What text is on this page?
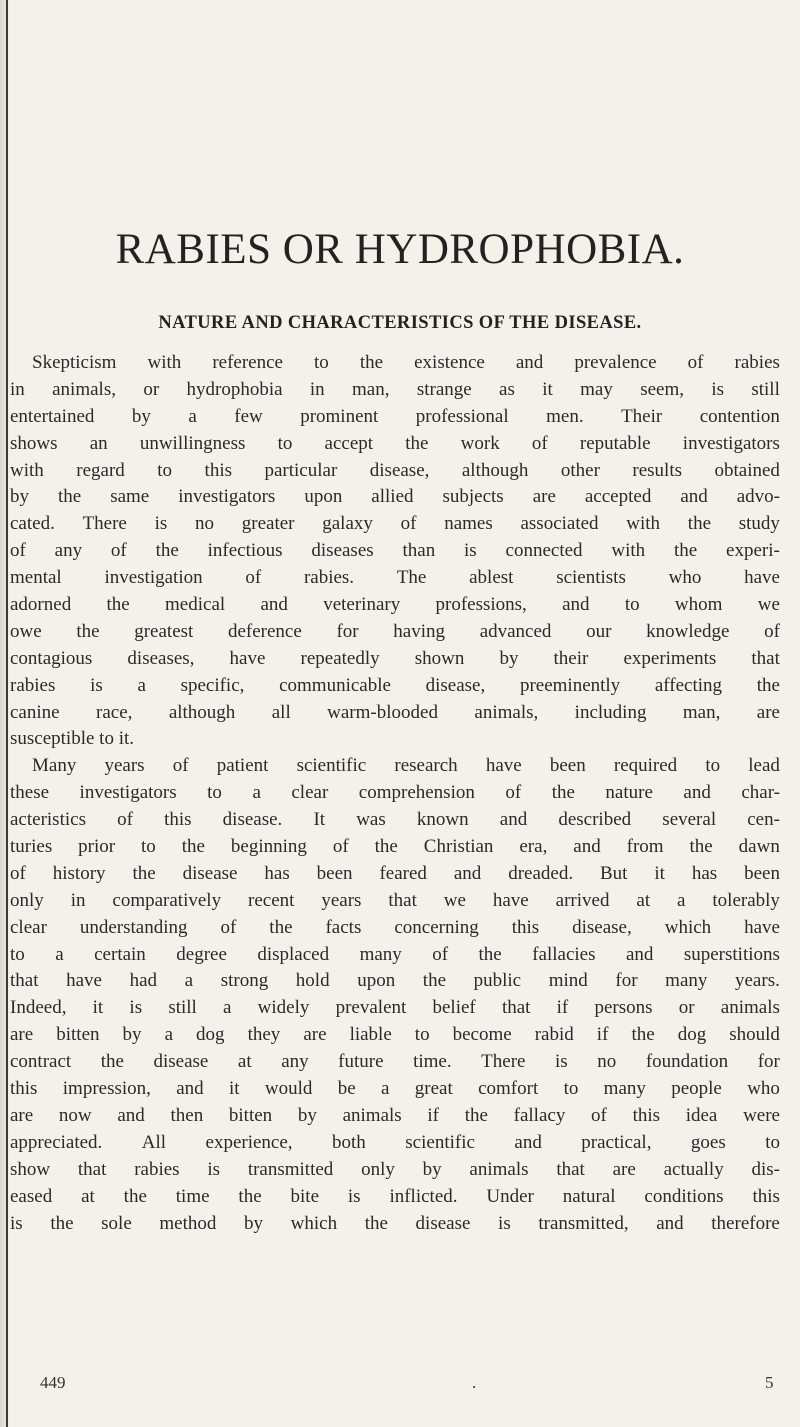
RABIES OR HYDROPHOBIA.
NATURE AND CHARACTERISTICS OF THE DISEASE.
Skepticism with reference to the existence and prevalence of rabies
in animals, or hydrophobia in man, strange as it may seem, is still
entertained by a few prominent professional men. Their contention
shows an unwillingness to accept the work of reputable investigators
with regard to this particular disease, although other results obtained
by the same investigators upon allied subjects are accepted and advo-
cated. There is no greater galaxy of names associated with the study
of any of the infectious diseases than is connected with the experi-
mental investigation of rabies. The ablest scientists who have
adorned the medical and veterinary professions, and to whom we
owe the greatest deference for having advanced our knowledge of
contagious diseases, have repeatedly shown by their experiments that
rabies is a specific, communicable disease, preeminently affecting the
canine race, although all warm-blooded animals, including man, are
susceptible to it.
Many years of patient scientific research have been required to lead
these investigators to a clear comprehension of the nature and char-
acteristics of this disease. It was known and described several cen-
turies prior to the beginning of the Christian era, and from the dawn
of history the disease has been feared and dreaded. But it has been
only in comparatively recent years that we have arrived at a tolerably
clear understanding of the facts concerning this disease, which have
to a certain degree displaced many of the fallacies and superstitions
that have had a strong hold upon the public mind for many years.
Indeed, it is still a widely prevalent belief that if persons or animals
are bitten by a dog they are liable to become rabid if the dog should
contract the disease at any future time. There is no foundation for
this impression, and it would be a great comfort to many people who
are now and then bitten by animals if the fallacy of this idea were
appreciated. All experience, both scientific and practical, goes to
show that rabies is transmitted only by animals that are actually dis-
eased at the time the bite is inflicted. Under natural conditions this
is the sole method by which the disease is transmitted, and therefore
449	.	5
